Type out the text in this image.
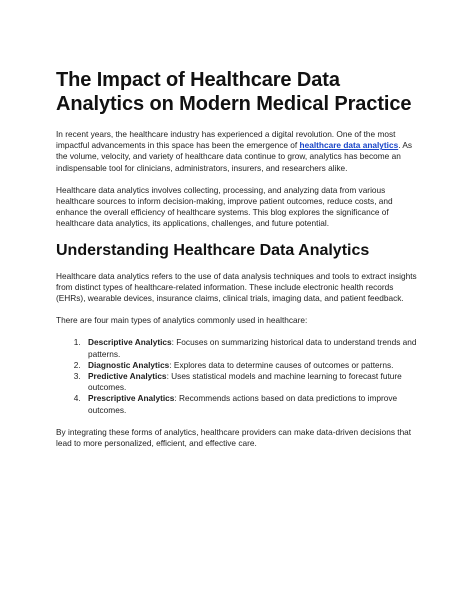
The Impact of Healthcare Data Analytics on Modern Medical Practice

In recent years, the healthcare industry has experienced a digital revolution. One of the most impactful advancements in this space has been the emergence of healthcare data analytics. As the volume, velocity, and variety of healthcare data continue to grow, analytics has become an indispensable tool for clinicians, administrators, insurers, and researchers alike.

Healthcare data analytics involves collecting, processing, and analyzing data from various healthcare sources to inform decision-making, improve patient outcomes, reduce costs, and enhance the overall efficiency of healthcare systems. This blog explores the significance of healthcare data analytics, its applications, challenges, and future potential.

Understanding Healthcare Data Analytics

Healthcare data analytics refers to the use of data analysis techniques and tools to extract insights from distinct types of healthcare-related information. These include electronic health records (EHRs), wearable devices, insurance claims, clinical trials, imaging data, and patient feedback.

There are four main types of analytics commonly used in healthcare:

1. Descriptive Analytics: Focuses on summarizing historical data to understand trends and patterns.
2. Diagnostic Analytics: Explores data to determine causes of outcomes or patterns.
3. Predictive Analytics: Uses statistical models and machine learning to forecast future outcomes.
4. Prescriptive Analytics: Recommends actions based on data predictions to improve outcomes.

By integrating these forms of analytics, healthcare providers can make data-driven decisions that lead to more personalized, efficient, and effective care.
